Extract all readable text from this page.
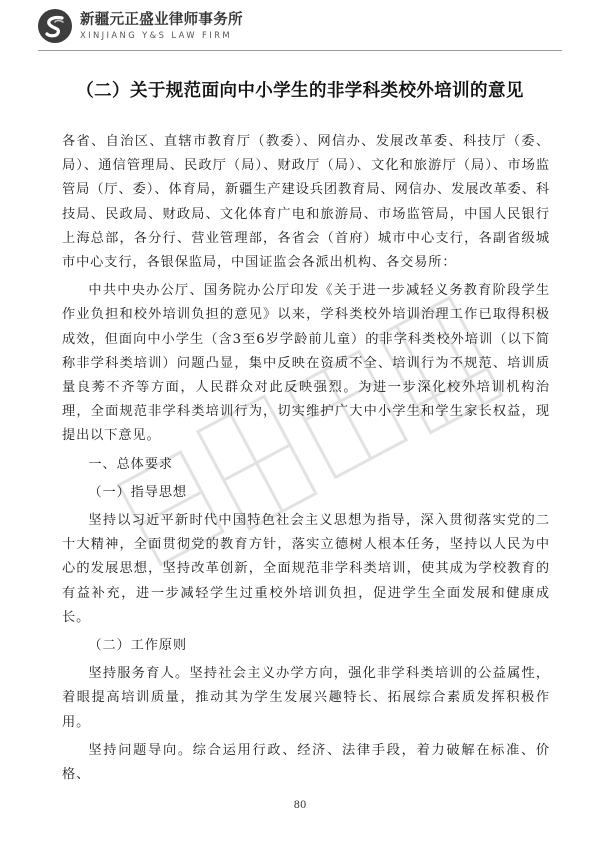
新疆元正盛业律师事务所
XINJIANG Y&S LAW FIRM
（二）关于规范面向中小学生的非学科类校外培训的意见

各省、自治区、直辖市教育厅（教委）、网信办、发展改革委、科技厅（委、局）、通信管理局、民政厅（局）、财政厅（局）、文化和旅游厅（局）、市场监管局（厅、委）、体育局，新疆生产建设兵团教育局、网信办、发展改革委、科技局、民政局、财政局、文化体育广电和旅游局、市场监管局，中国人民银行上海总部，各分行、营业管理部，各省会（首府）城市中心支行，各副省级城市中心支行，各银保监局，中国证监会各派出机构、各交易所：

中共中央办公厅、国务院办公厅印发《关于进一步减轻义务教育阶段学生作业负担和校外培训负担的意见》以来，学科类校外培训治理工作已取得积极成效，但面向中小学生（含3至6岁学龄前儿童）的非学科类校外培训（以下简称非学科类培训）问题凸显，集中反映在资质不全、培训行为不规范、培训质量良莠不齐等方面，人民群众对此反映强烈。为进一步深化校外培训机构治理，全面规范非学科类培训行为，切实维护广大中小学生和学生家长权益，现提出以下意见。

一、总体要求

（一）指导思想

坚持以习近平新时代中国特色社会主义思想为指导，深入贯彻落实党的二十大精神，全面贯彻党的教育方针，落实立德树人根本任务，坚持以人民为中心的发展思想，坚持改革创新，全面规范非学科类培训，使其成为学校教育的有益补充，进一步减轻学生过重校外培训负担，促进学生全面发展和健康成长。

（二）工作原则

坚持服务育人。坚持社会主义办学方向，强化非学科类培训的公益属性，着眼提高培训质量，推动其为学生发展兴趣特长、拓展综合素质发挥积极作用。

坚持问题导向。综合运用行政、经济、法律手段，着力破解在标准、价格、

80
